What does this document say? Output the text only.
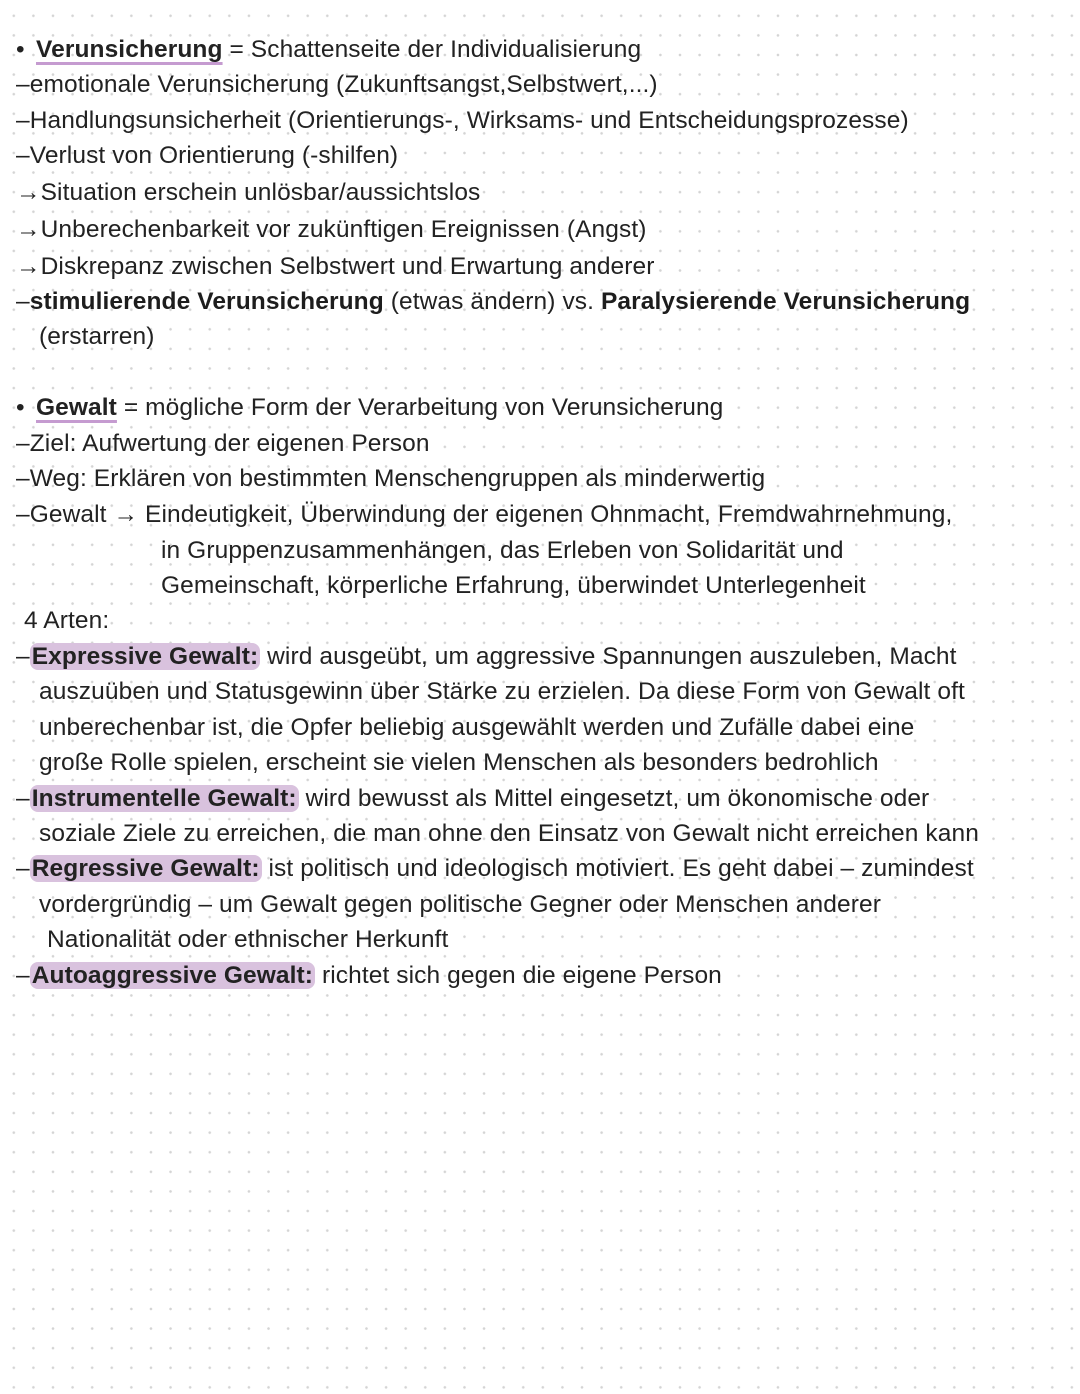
• Verunsicherung = Schattenseite der Individualisierung
–emotionale Verunsicherung (Zukunftsangst,Selbstwert,...)
–Handlungsunsicherheit (Orientierungs-, Wirksams- und Entscheidungsprozesse)
–Verlust von Orientierung (-shilfen)
→Situation erschein unlösbar/aussichtslos
→Unberechenbarkeit vor zukünftigen Ereignissen (Angst)
→Diskrepanz zwischen Selbstwert und Erwartung anderer
–stimulierende Verunsicherung (etwas ändern) vs. Paralysierende Verunsicherung
(erstarren)
• Gewalt = mögliche Form der Verarbeitung von Verunsicherung
–Ziel: Aufwertung der eigenen Person
–Weg: Erklären von bestimmten Menschengruppen als minderwertig
–Gewalt → Eindeutigkeit, Überwindung der eigenen Ohnmacht, Fremdwahrnehmung,
in Gruppenzusammenhängen, das Erleben von Solidarität und
Gemeinschaft, körperliche Erfahrung, überwindet Unterlegenheit
4 Arten:
–Expressive Gewalt: wird ausgeübt, um aggressive Spannungen auszuleben, Macht
auszuüben und Statusgewinn über Stärke zu erzielen. Da diese Form von Gewalt oft
unberechenbar ist, die Opfer beliebig ausgewählt werden und Zufälle dabei eine
große Rolle spielen, erscheint sie vielen Menschen als besonders bedrohlich
–Instrumentelle Gewalt: wird bewusst als Mittel eingesetzt, um ökonomische oder
soziale Ziele zu erreichen, die man ohne den Einsatz von Gewalt nicht erreichen kann
–Regressive Gewalt: ist politisch und ideologisch motiviert. Es geht dabei – zumindest
vordergründig – um Gewalt gegen politische Gegner oder Menschen anderer
Nationalität oder ethnischer Herkunft
–Autoaggressive Gewalt: richtet sich gegen die eigene Person
